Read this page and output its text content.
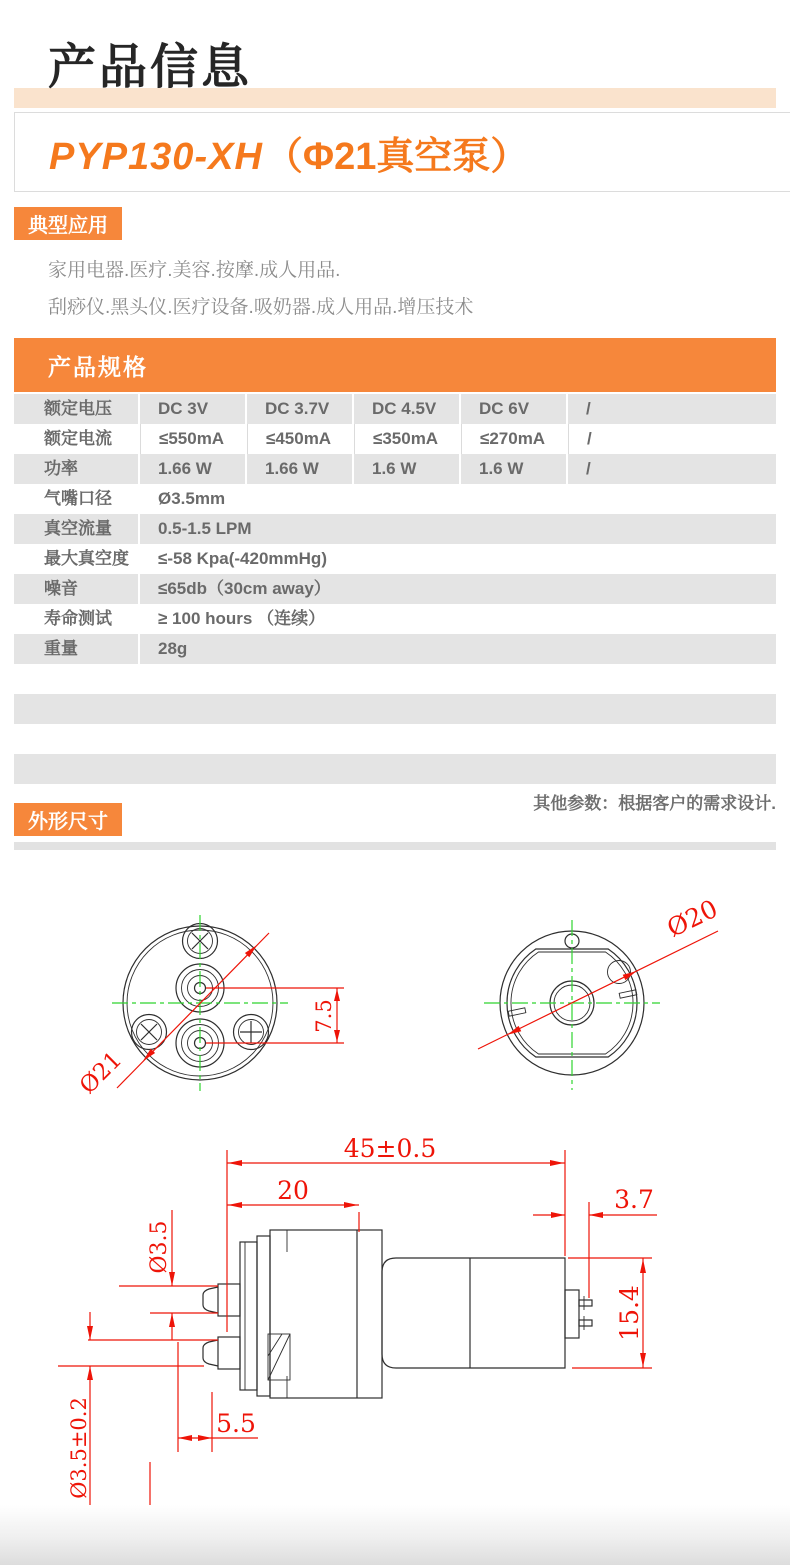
产品信息
PYP130-XH（Φ21真空泵）
典型应用
家用电器.医疗.美容.按摩.成人用品.
刮痧仪.黑头仪.医疗设备.吸奶器.成人用品.增压技术
产品规格
额定电压	DC 3V	DC 3.7V	DC 4.5V	DC 6V	/
额定电流	≤550mA	≤450mA	≤350mA	≤270mA	/
功率	1.66 W	1.66 W	1.6 W	1.6 W	/
气嘴口径	Ø3.5mm
真空流量	0.5-1.5 LPM
最大真空度	≤-58 Kpa(-420mmHg)
噪音	≤65db（30cm away）
寿命测试	≥ 100 hours （连续）
重量	28g
其他参数：根据客户的需求设计.
外形尺寸
Ø21
7.5
Ø20
45±0.5
20	3.7
15.4
Ø3.5
Ø3.5±0.2	5.5
